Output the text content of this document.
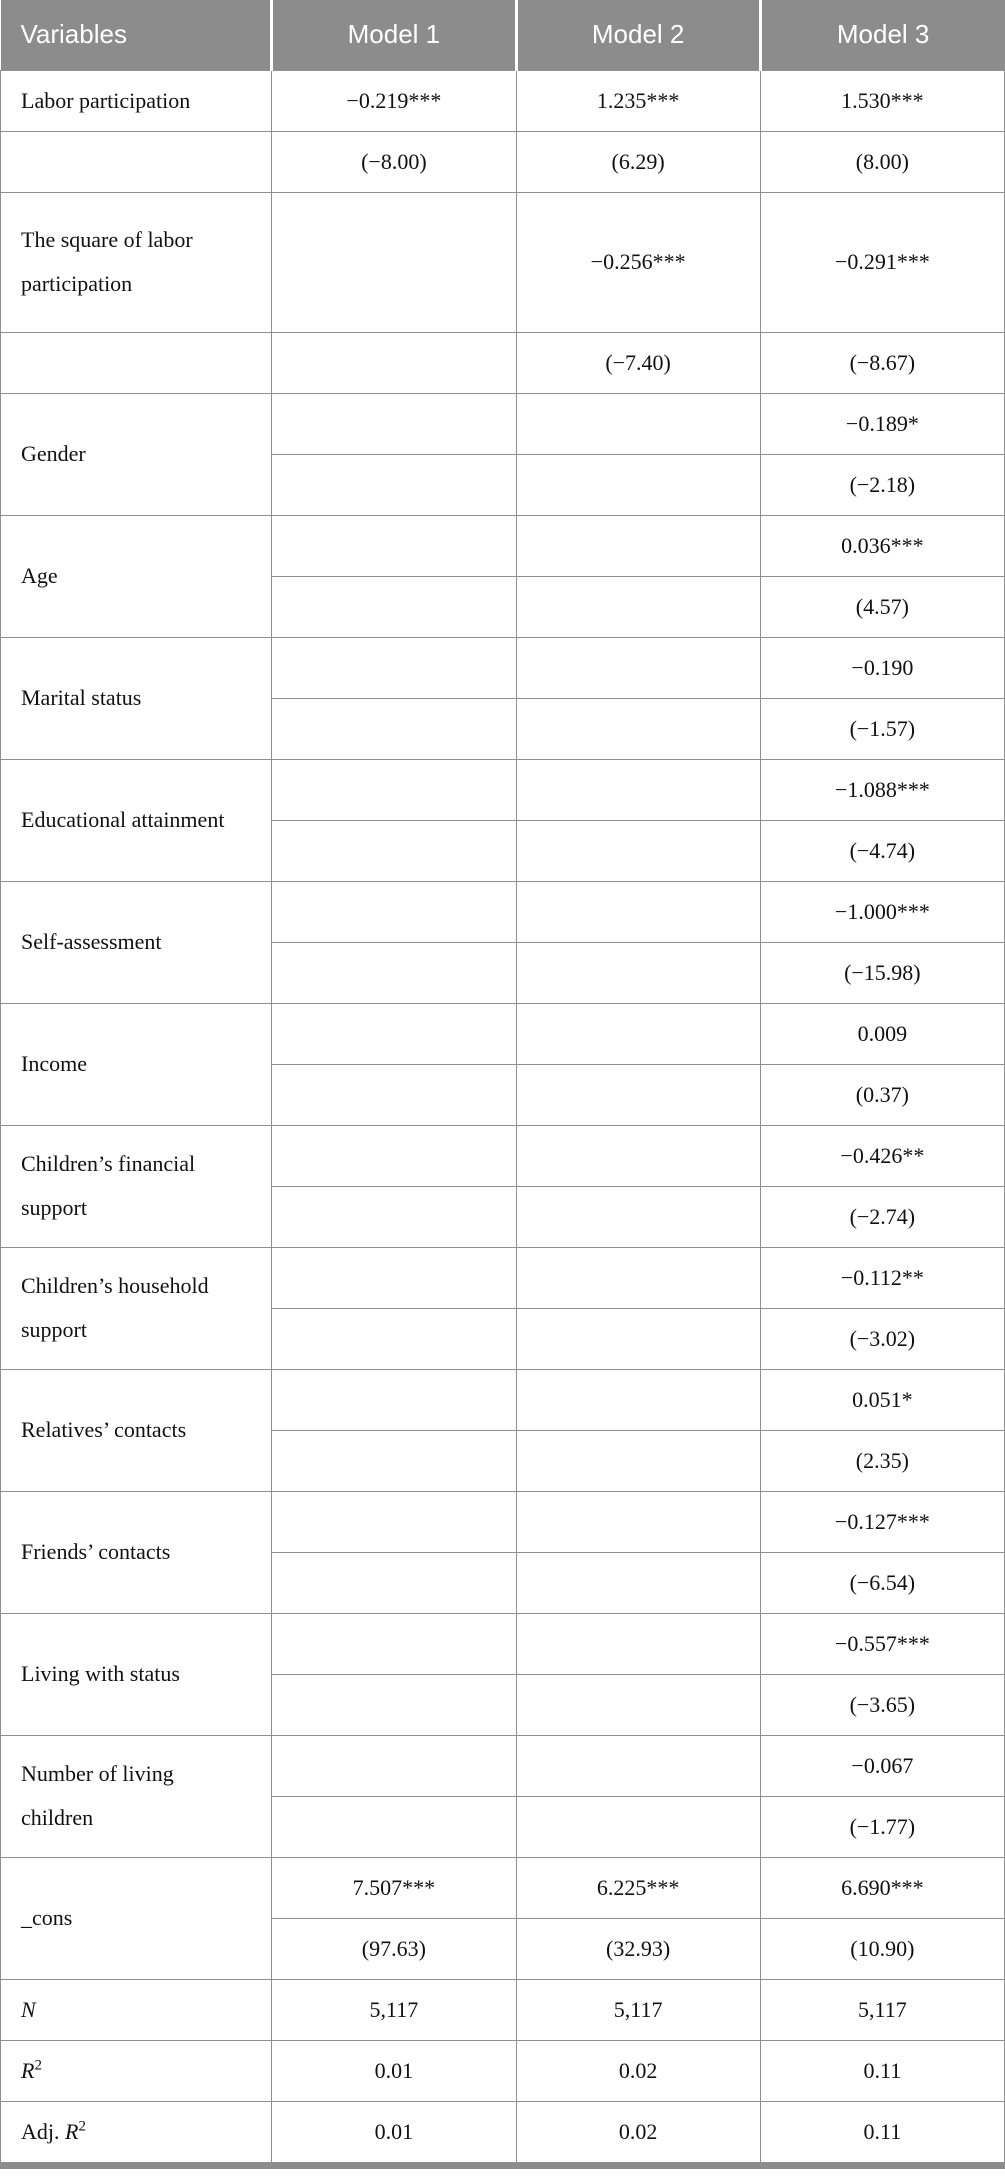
Variables	Model 1	Model 2	Model 3
Labor participation	−0.219***	1.235***	1.530***
	(−8.00)	(6.29)	(8.00)
The square of labor participation		−0.256***	−0.291***
		(−7.40)	(−8.67)
Gender			−0.189*
			(−2.18)
Age			0.036***
			(4.57)
Marital status			−0.190
			(−1.57)
Educational attainment			−1.088***
			(−4.74)
Self-assessment			−1.000***
			(−15.98)
Income			0.009
			(0.37)
Children’s financial support			−0.426**
			(−2.74)
Children’s household support			−0.112**
			(−3.02)
Relatives’ contacts			0.051*
			(2.35)
Friends’ contacts			−0.127***
			(−6.54)
Living with status			−0.557***
			(−3.65)
Number of living children			−0.067
			(−1.77)
_cons	7.507***	6.225***	6.690***
	(97.63)	(32.93)	(10.90)
N	5,117	5,117	5,117
$R^2$	0.01	0.02	0.11
Adj. $R^2$	0.01	0.02	0.11
